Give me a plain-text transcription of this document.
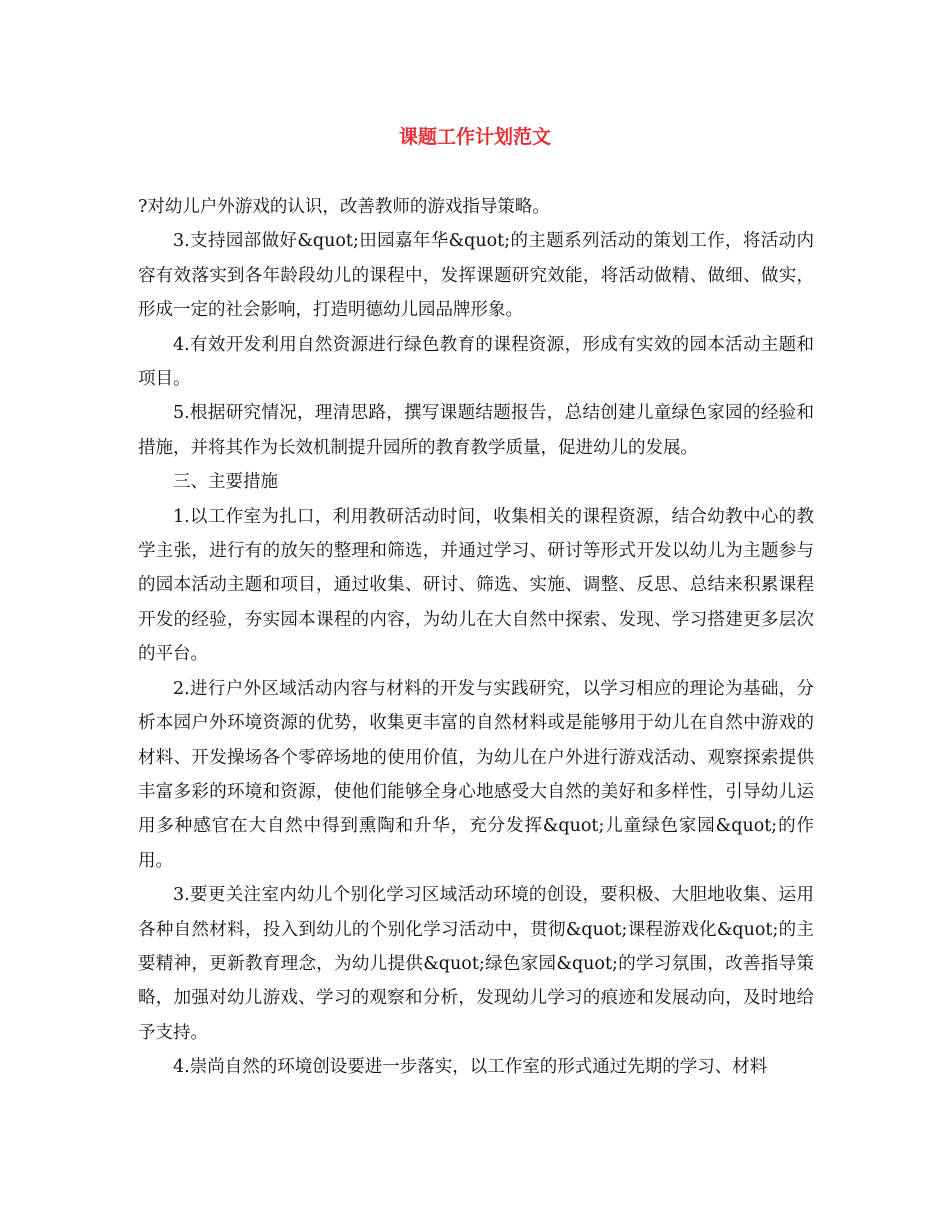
课题工作计划范文

?对幼儿户外游戏的认识，改善教师的游戏指导策略。

3.支持园部做好&quot;田园嘉年华&quot;的主题系列活动的策划工作，将活动内容有效落实到各年龄段幼儿的课程中，发挥课题研究效能，将活动做精、做细、做实，形成一定的社会影响，打造明德幼儿园品牌形象。

4.有效开发利用自然资源进行绿色教育的课程资源，形成有实效的园本活动主题和项目。

5.根据研究情况，理清思路，撰写课题结题报告，总结创建儿童绿色家园的经验和措施，并将其作为长效机制提升园所的教育教学质量，促进幼儿的发展。

三、主要措施

1.以工作室为扎口，利用教研活动时间，收集相关的课程资源，结合幼教中心的教学主张，进行有的放矢的整理和筛选，并通过学习、研讨等形式开发以幼儿为主题参与的园本活动主题和项目，通过收集、研讨、筛选、实施、调整、反思、总结来积累课程开发的经验，夯实园本课程的内容，为幼儿在大自然中探索、发现、学习搭建更多层次的平台。

2.进行户外区域活动内容与材料的开发与实践研究，以学习相应的理论为基础，分析本园户外环境资源的优势，收集更丰富的自然材料或是能够用于幼儿在自然中游戏的材料、开发操场各个零碎场地的使用价值，为幼儿在户外进行游戏活动、观察探索提供丰富多彩的环境和资源，使他们能够全身心地感受大自然的美好和多样性，引导幼儿运用多种感官在大自然中得到熏陶和升华，充分发挥&quot;儿童绿色家园&quot;的作用。

3.要更关注室内幼儿个别化学习区域活动环境的创设，要积极、大胆地收集、运用各种自然材料，投入到幼儿的个别化学习活动中，贯彻&quot;课程游戏化&quot;的主要精神，更新教育理念，为幼儿提供&quot;绿色家园&quot;的学习氛围，改善指导策略，加强对幼儿游戏、学习的观察和分析，发现幼儿学习的痕迹和发展动向，及时地给予支持。

4.崇尚自然的环境创设要进一步落实，以工作室的形式通过先期的学习、材料
